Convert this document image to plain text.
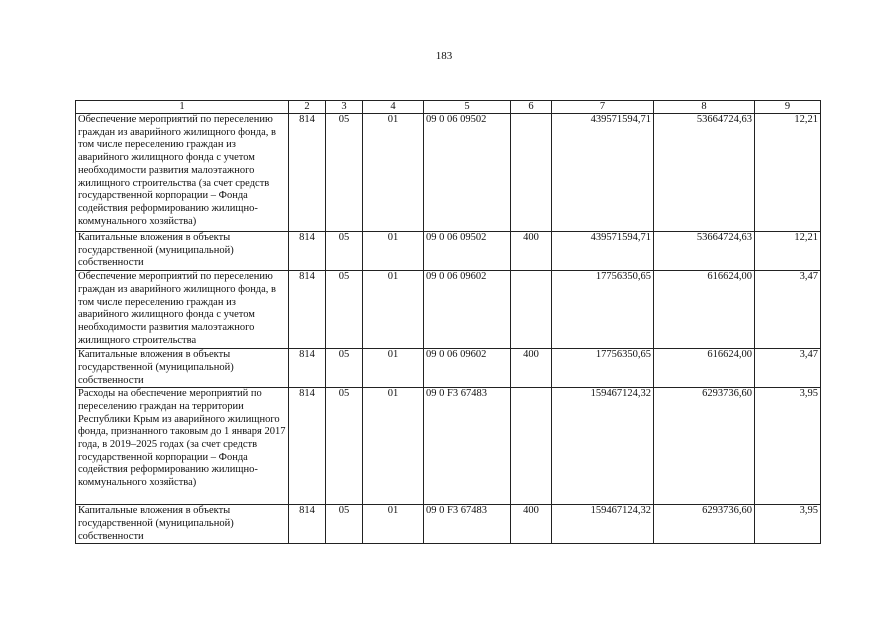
183
1	2	3	4	5	6	7	8	9
Обеспечение мероприятий по переселению граждан из аварийного жилищного фонда, в том числе переселению граждан из аварийного жилищного фонда с учетом необходимости развития малоэтажного жилищного строительства (за счет средств государственной корпорации – Фонда содействия реформированию жилищно-коммунального хозяйства)	814	05	01	09 0 06 09502		439571594,71	53664724,63	12,21
Капитальные вложения в объекты государственной (муниципальной) собственности	814	05	01	09 0 06 09502	400	439571594,71	53664724,63	12,21
Обеспечение мероприятий по переселению граждан из аварийного жилищного фонда, в том числе переселению граждан из аварийного жилищного фонда с учетом необходимости развития малоэтажного жилищного строительства	814	05	01	09 0 06 09602		17756350,65	616624,00	3,47
Капитальные вложения в объекты государственной (муниципальной) собственности	814	05	01	09 0 06 09602	400	17756350,65	616624,00	3,47
Расходы на обеспечение мероприятий по переселению граждан на территории Республики Крым из аварийного жилищного фонда, признанного таковым до 1 января 2017 года, в 2019–2025 годах (за счет средств государственной корпорации – Фонда содействия реформированию жилищно-коммунального хозяйства)	814	05	01	09 0 F3 67483		159467124,32	6293736,60	3,95
Капитальные вложения в объекты государственной (муниципальной) собственности	814	05	01	09 0 F3 67483	400	159467124,32	6293736,60	3,95
